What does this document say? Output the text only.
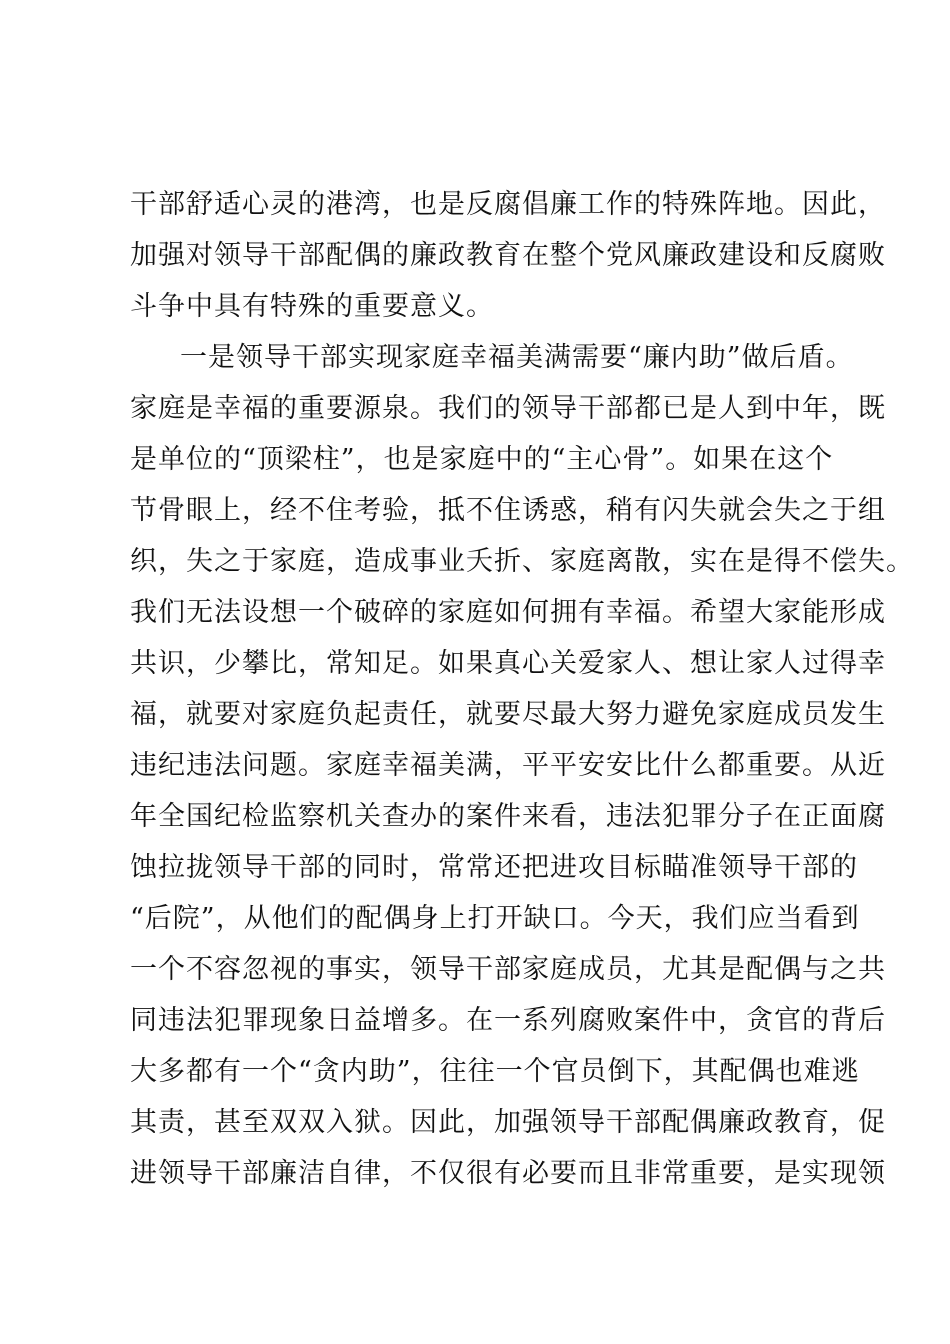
干部舒适心灵的港湾，也是反腐倡廉工作的特殊阵地。因此，
加强对领导干部配偶的廉政教育在整个党风廉政建设和反腐败
斗争中具有特殊的重要意义。
一是领导干部实现家庭幸福美满需要“廉内助”做后盾。
家庭是幸福的重要源泉。我们的领导干部都已是人到中年，既
是单位的“顶梁柱”，也是家庭中的“主心骨”。如果在这个
节骨眼上，经不住考验，抵不住诱惑，稍有闪失就会失之于组
织，失之于家庭，造成事业夭折、家庭离散，实在是得不偿失。
我们无法设想一个破碎的家庭如何拥有幸福。希望大家能形成
共识，少攀比，常知足。如果真心关爱家人、想让家人过得幸
福，就要对家庭负起责任，就要尽最大努力避免家庭成员发生
违纪违法问题。家庭幸福美满，平平安安比什么都重要。从近
年全国纪检监察机关查办的案件来看，违法犯罪分子在正面腐
蚀拉拢领导干部的同时，常常还把进攻目标瞄准领导干部的
“后院”，从他们的配偶身上打开缺口。今天，我们应当看到
一个不容忽视的事实，领导干部家庭成员，尤其是配偶与之共
同违法犯罪现象日益增多。在一系列腐败案件中，贪官的背后
大多都有一个“贪内助”，往往一个官员倒下，其配偶也难逃
其责，甚至双双入狱。因此，加强领导干部配偶廉政教育，促
进领导干部廉洁自律，不仅很有必要而且非常重要，是实现领
